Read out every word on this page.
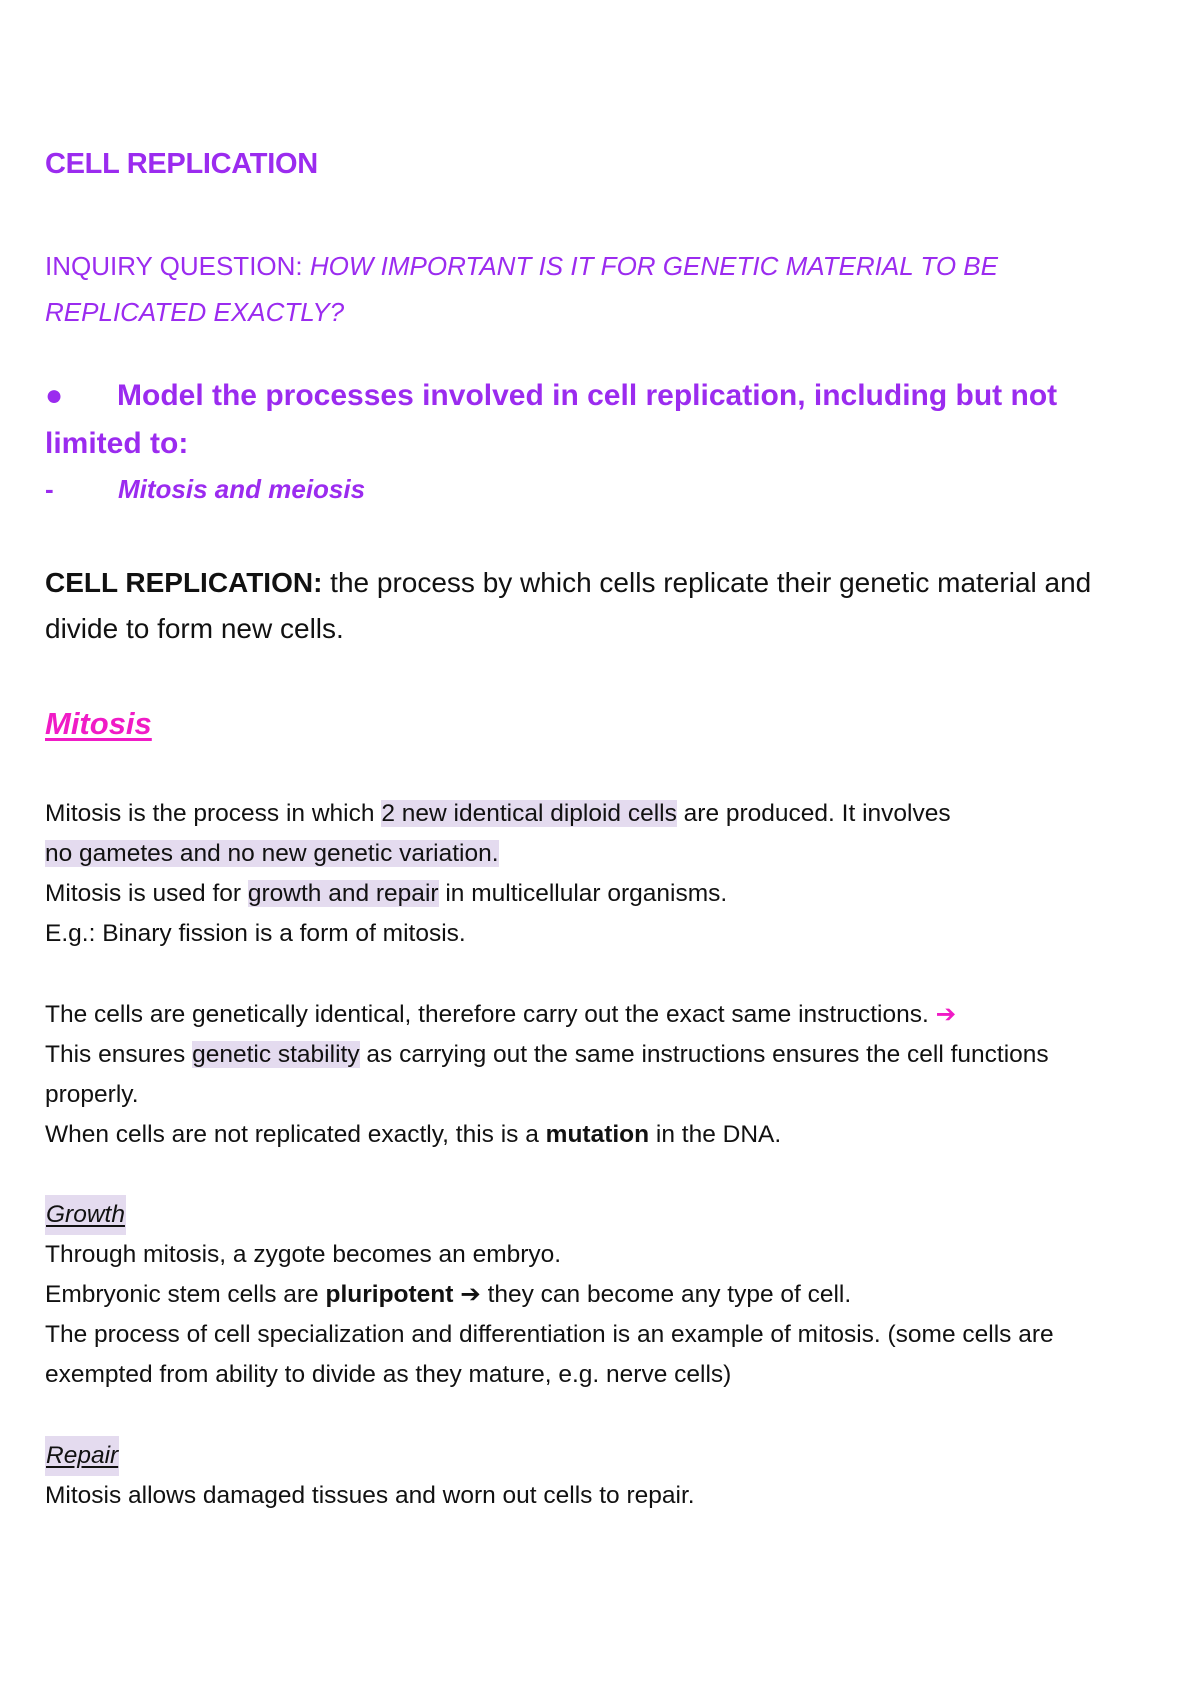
CELL REPLICATION

INQUIRY QUESTION: HOW IMPORTANT IS IT FOR GENETIC MATERIAL TO BE REPLICATED EXACTLY?

● Model the processes involved in cell replication, including but not limited to:

- Mitosis and meiosis

CELL REPLICATION: the process by which cells replicate their genetic material and divide to form new cells.

Mitosis

Mitosis is the process in which 2 new identical diploid cells are produced. It involves
no gametes and no new genetic variation.

Mitosis is used for growth and repair in multicellular organisms.

E.g.: Binary fission is a form of mitosis.

The cells are genetically identical, therefore carry out the exact same instructions. ➔
This ensures genetic stability as carrying out the same instructions ensures the cell functions properly.

When cells are not replicated exactly, this is a mutation in the DNA.

Growth

Through mitosis, a zygote becomes an embryo.

Embryonic stem cells are pluripotent ➔ they can become any type of cell.

The process of cell specialization and differentiation is an example of mitosis. (some cells are exempted from ability to divide as they mature, e.g. nerve cells)

Repair

Mitosis allows damaged tissues and worn out cells to repair.
